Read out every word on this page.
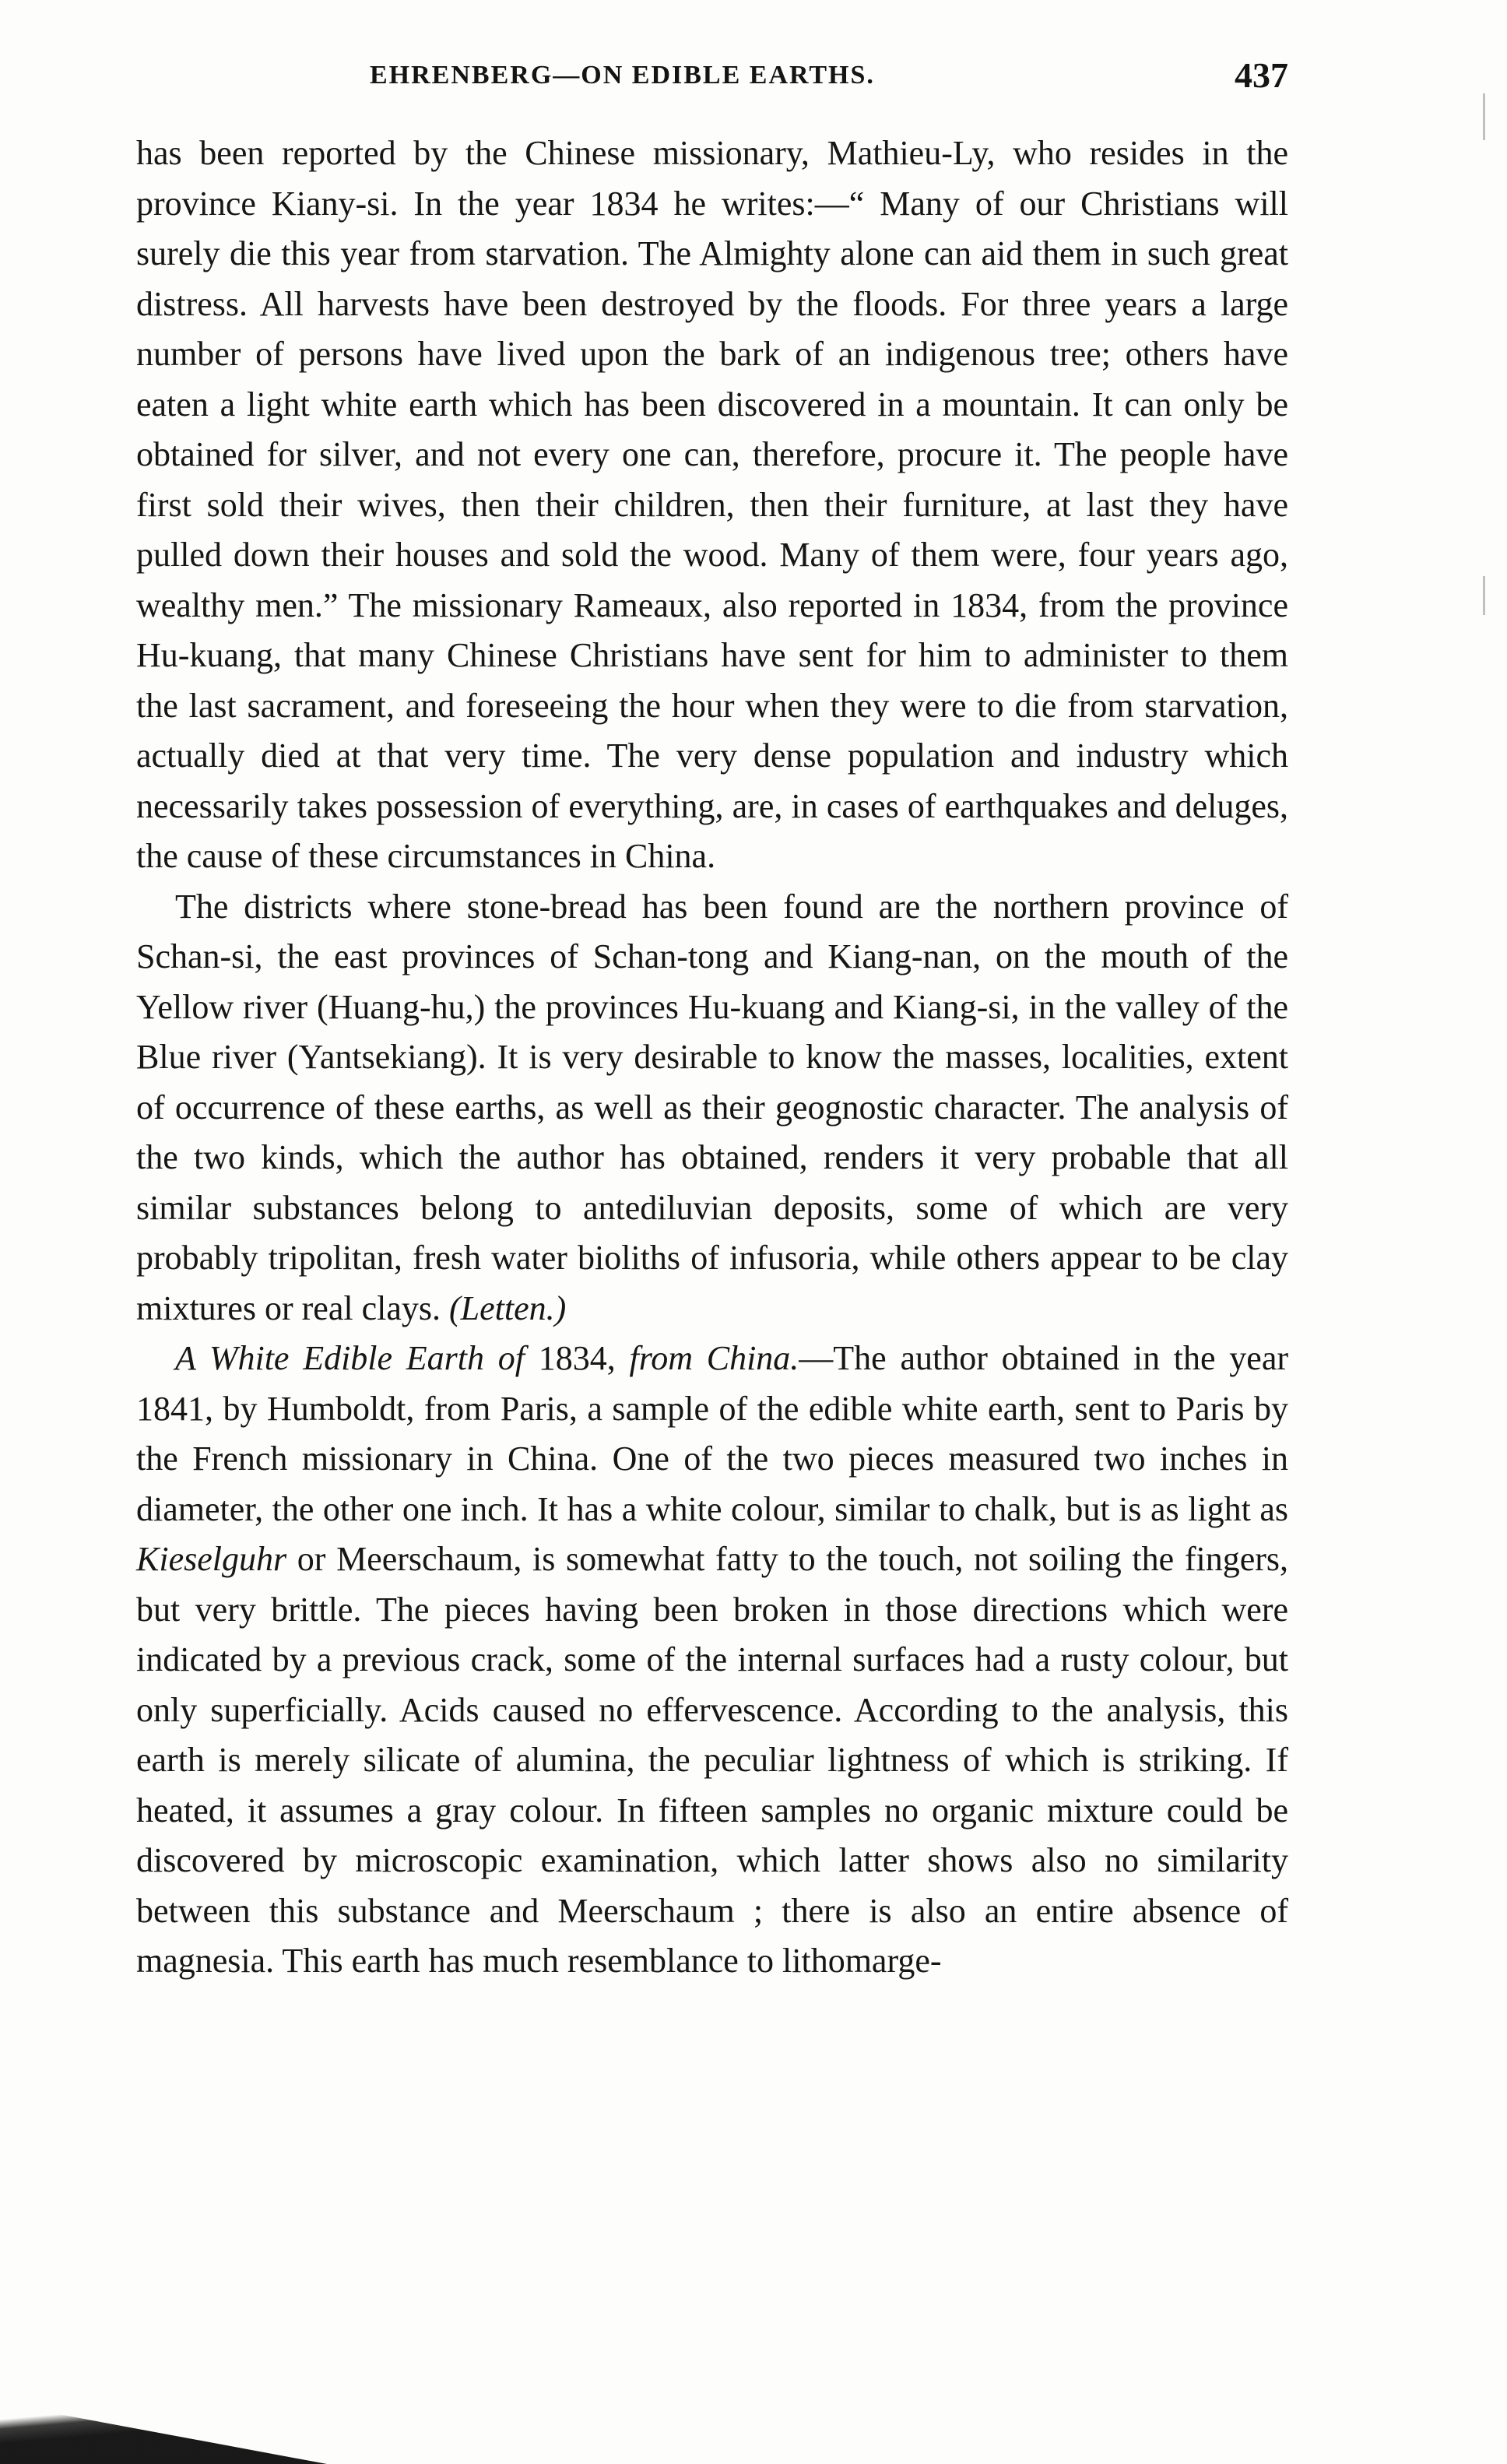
EHRENBERG—ON EDIBLE EARTHS.	437

has been reported by the Chinese missionary, Mathieu-Ly, who resides in the province Kiany-si. In the year 1834 he writes:—“ Many of our Christians will surely die this year from starvation. The Almighty alone can aid them in such great distress. All harvests have been destroyed by the floods. For three years a large number of persons have lived upon the bark of an indigenous tree; others have eaten a light white earth which has been discovered in a mountain. It can only be obtained for silver, and not every one can, therefore, procure it. The people have first sold their wives, then their children, then their furniture, at last they have pulled down their houses and sold the wood. Many of them were, four years ago, wealthy men.” The missionary Rameaux, also reported in 1834, from the province Hu-kuang, that many Chinese Christians have sent for him to administer to them the last sacrament, and foreseeing the hour when they were to die from starvation, actually died at that very time. The very dense population and industry which necessarily takes possession of everything, are, in cases of earthquakes and deluges, the cause of these circumstances in China.

The districts where stone-bread has been found are the northern province of Schan-si, the east provinces of Schan-tong and Kiang-nan, on the mouth of the Yellow river (Huang-hu,) the provinces Hu-kuang and Kiang-si, in the valley of the Blue river (Yantsekiang). It is very desirable to know the masses, localities, extent of occurrence of these earths, as well as their geognostic character. The analysis of the two kinds, which the author has obtained, renders it very probable that all similar substances belong to antediluvian deposits, some of which are very probably tripolitan, fresh water bioliths of infusoria, while others appear to be clay mixtures or real clays. (Letten.)

A White Edible Earth of 1834, from China.—The author obtained in the year 1841, by Humboldt, from Paris, a sample of the edible white earth, sent to Paris by the French missionary in China. One of the two pieces measured two inches in diameter, the other one inch. It has a white colour, similar to chalk, but is as light as Kieselguhr or Meerschaum, is somewhat fatty to the touch, not soiling the fingers, but very brittle. The pieces having been broken in those directions which were indicated by a previous crack, some of the internal surfaces had a rusty colour, but only superficially. Acids caused no effervescence. According to the analysis, this earth is merely silicate of alumina, the peculiar lightness of which is striking. If heated, it assumes a gray colour. In fifteen samples no organic mixture could be discovered by microscopic examination, which latter shows also no similarity between this substance and Meerschaum ; there is also an entire absence of magnesia. This earth has much resemblance to lithomarge-
